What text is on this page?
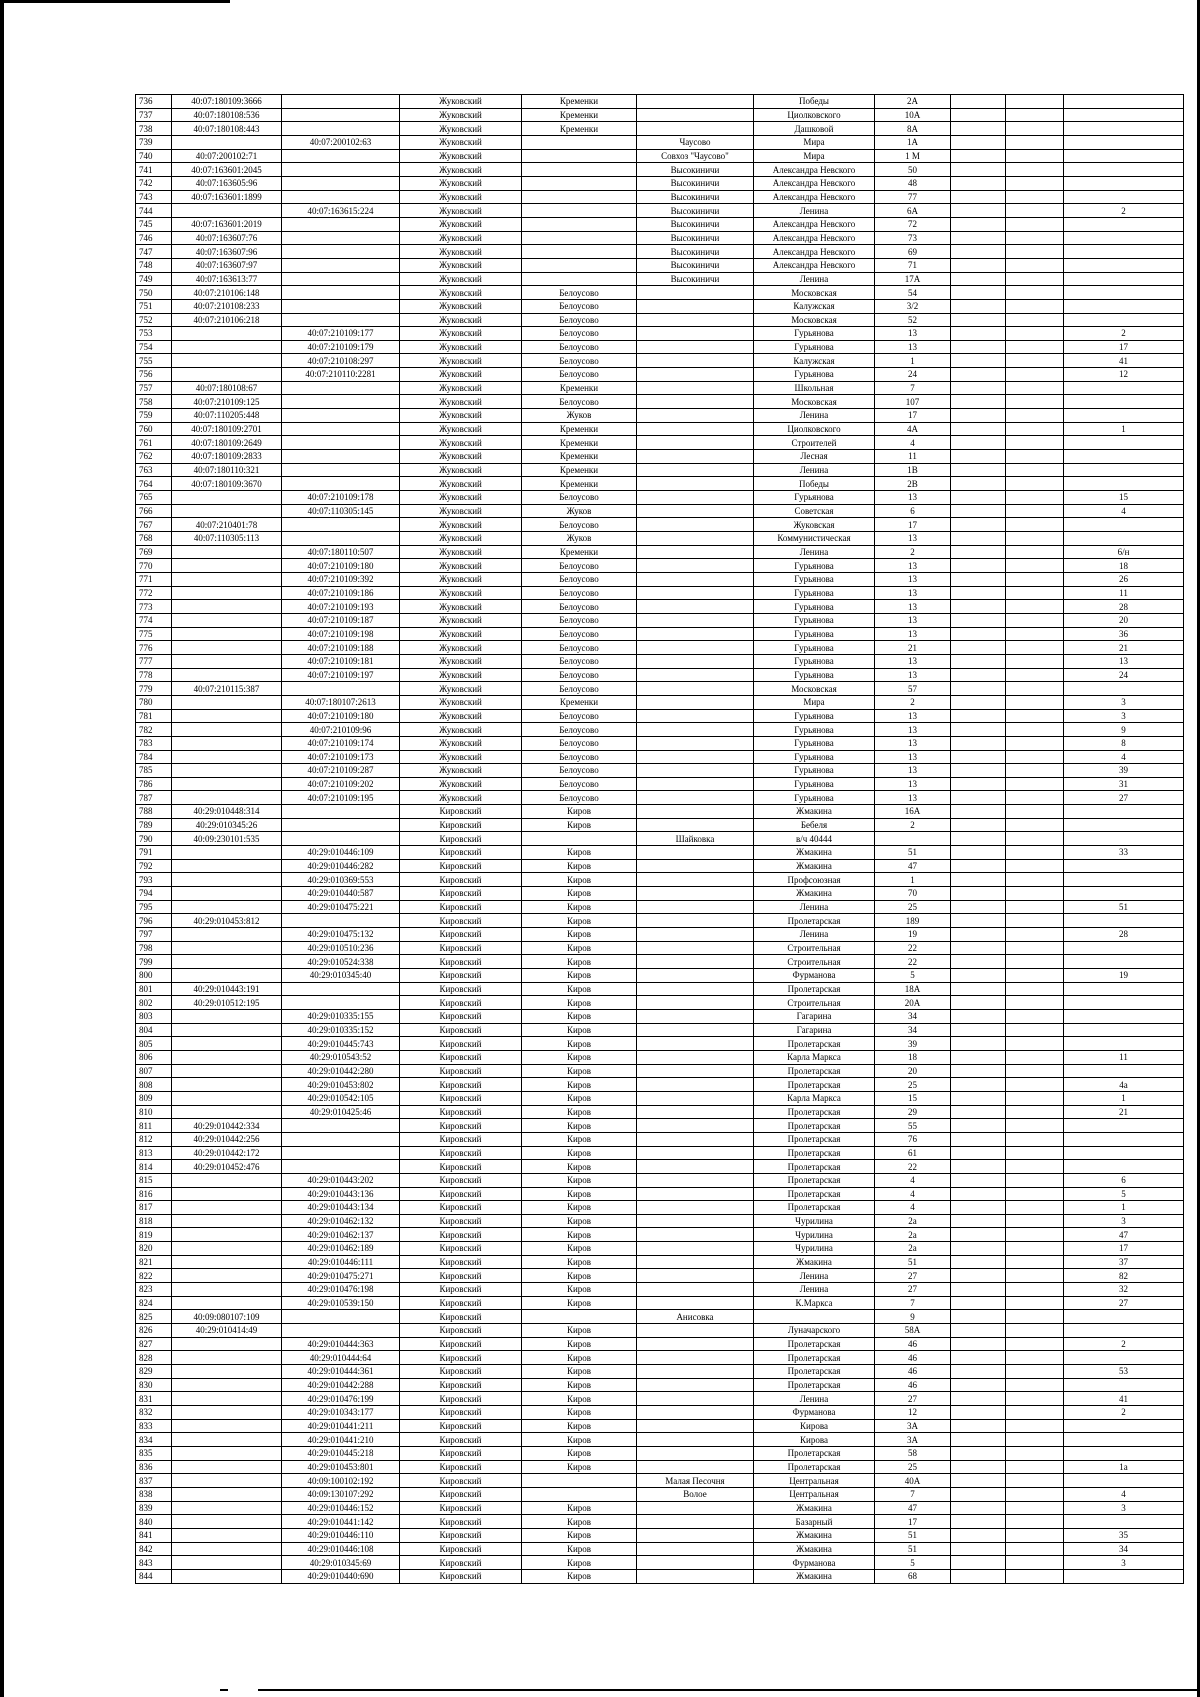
736	40:07:180109:3666		Жуковский	Кременки		Победы	2А			
737	40:07:180108:536		Жуковский	Кременки		Циолковского	10А			
738	40:07:180108:443		Жуковский	Кременки		Дашковой	8А			
739		40:07:200102:63	Жуковский		Чаусово	Мира	1А			
740	40:07:200102:71		Жуковский		Совхоз "Чаусово"	Мира	1 М			
741	40:07:163601:2045		Жуковский		Высокиничи	Александра Невского	50			
742	40:07:163605:96		Жуковский		Высокиничи	Александра Невского	48			
743	40:07:163601:1899		Жуковский		Высокиничи	Александра Невского	77			
744		40:07:163615:224	Жуковский		Высокиничи	Ленина	6А			2
745	40:07:163601:2019		Жуковский		Высокиничи	Александра Невского	72			
746	40:07:163607:76		Жуковский		Высокиничи	Александра Невского	73			
747	40:07:163607:96		Жуковский		Высокиничи	Александра Невского	69			
748	40:07:163607:97		Жуковский		Высокиничи	Александра Невского	71			
749	40:07:163613:77		Жуковский		Высокиничи	Ленина	17А			
750	40:07:210106:148		Жуковский	Белоусово		Московская	54			
751	40:07:210108:233		Жуковский	Белоусово		Калужская	3/2			
752	40:07:210106:218		Жуковский	Белоусово		Московская	52			
753		40:07:210109:177	Жуковский	Белоусово		Гурьянова	13			2
754		40:07:210109:179	Жуковский	Белоусово		Гурьянова	13			17
755		40:07:210108:297	Жуковский	Белоусово		Калужская	1			41
756		40:07:210110:2281	Жуковский	Белоусово		Гурьянова	24			12
757	40:07:180108:67		Жуковский	Кременки		Школьная	7			
758	40:07:210109:125		Жуковский	Белоусово		Московская	107			
759	40:07:110205:448		Жуковский	Жуков		Ленина	17			
760	40:07:180109:2701		Жуковский	Кременки		Циолковского	4А			1
761	40:07:180109:2649		Жуковский	Кременки		Строителей	4			
762	40:07:180109:2833		Жуковский	Кременки		Лесная	11			
763	40:07:180110:321		Жуковский	Кременки		Ленина	1В			
764	40:07:180109:3670		Жуковский	Кременки		Победы	2В			
765		40:07:210109:178	Жуковский	Белоусово		Гурьянова	13			15
766		40:07:110305:145	Жуковский	Жуков		Советская	6			4
767	40:07:210401:78		Жуковский	Белоусово		Жуковская	17			
768	40:07:110305:113		Жуковский	Жуков		Коммунистическая	13			
769		40:07:180110:507	Жуковский	Кременки		Ленина	2			6/н
770		40:07:210109:180	Жуковский	Белоусово		Гурьянова	13			18
771		40:07:210109:392	Жуковский	Белоусово		Гурьянова	13			26
772		40:07:210109:186	Жуковский	Белоусово		Гурьянова	13			11
773		40:07:210109:193	Жуковский	Белоусово		Гурьянова	13			28
774		40:07:210109:187	Жуковский	Белоусово		Гурьянова	13			20
775		40:07:210109:198	Жуковский	Белоусово		Гурьянова	13			36
776		40:07:210109:188	Жуковский	Белоусово		Гурьянова	21			21
777		40:07:210109:181	Жуковский	Белоусово		Гурьянова	13			13
778		40:07:210109:197	Жуковский	Белоусово		Гурьянова	13			24
779	40:07:210115:387		Жуковский	Белоусово		Московская	57			
780		40:07:180107:2613	Жуковский	Кременки		Мира	2			3
781		40:07:210109:180	Жуковский	Белоусово		Гурьянова	13			3
782		40:07:210109:96	Жуковский	Белоусово		Гурьянова	13			9
783		40:07:210109:174	Жуковский	Белоусово		Гурьянова	13			8
784		40:07:210109:173	Жуковский	Белоусово		Гурьянова	13			4
785		40:07:210109:287	Жуковский	Белоусово		Гурьянова	13			39
786		40:07:210109:202	Жуковский	Белоусово		Гурьянова	13			31
787		40:07:210109:195	Жуковский	Белоусово		Гурьянова	13			27
788	40:29:010448:314		Кировский	Киров		Жмакина	16А			
789	40:29:010345:26		Кировский	Киров		Бебеля	2			
790	40:09:230101:535		Кировский		Шайковка	в/ч 40444				
791		40:29:010446:109	Кировский	Киров		Жмакина	51			33
792		40:29:010446:282	Кировский	Киров		Жмакина	47			
793		40:29:010369:553	Кировский	Киров		Профсоюзная	1			
794		40:29:010440:587	Кировский	Киров		Жмакина	70			
795		40:29:010475:221	Кировский	Киров		Ленина	25			51
796	40:29:010453:812		Кировский	Киров		Пролетарская	189			
797		40:29:010475:132	Кировский	Киров		Ленина	19			28
798		40:29:010510:236	Кировский	Киров		Строительная	22			
799		40:29:010524:338	Кировский	Киров		Строительная	22			
800		40:29:010345:40	Кировский	Киров		Фурманова	5			19
801	40:29:010443:191		Кировский	Киров		Пролетарская	18А			
802	40:29:010512:195		Кировский	Киров		Строительная	20А			
803		40:29:010335:155	Кировский	Киров		Гагарина	34			
804		40:29:010335:152	Кировский	Киров		Гагарина	34			
805		40:29:010445:743	Кировский	Киров		Пролетарская	39			
806		40:29:010543:52	Кировский	Киров		Карла Маркса	18			11
807		40:29:010442:280	Кировский	Киров		Пролетарская	20			
808		40:29:010453:802	Кировский	Киров		Пролетарская	25			4а
809		40:29:010542:105	Кировский	Киров		Карла Маркса	15			1
810		40:29:010425:46	Кировский	Киров		Пролетарская	29			21
811	40:29:010442:334		Кировский	Киров		Пролетарская	55			
812	40:29:010442:256		Кировский	Киров		Пролетарская	76			
813	40:29:010442:172		Кировский	Киров		Пролетарская	61			
814	40:29:010452:476		Кировский	Киров		Пролетарская	22			
815		40:29:010443:202	Кировский	Киров		Пролетарская	4			6
816		40:29:010443:136	Кировский	Киров		Пролетарская	4			5
817		40:29:010443:134	Кировский	Киров		Пролетарская	4			1
818		40:29:010462:132	Кировский	Киров		Чурилина	2а			3
819		40:29:010462:137	Кировский	Киров		Чурилина	2а			47
820		40:29:010462:189	Кировский	Киров		Чурилина	2а			17
821		40:29:010446:111	Кировский	Киров		Жмакина	51			37
822		40:29:010475:271	Кировский	Киров		Ленина	27			82
823		40:29:010476:198	Кировский	Киров		Ленина	27			32
824		40:29:010539:150	Кировский	Киров		К.Маркса	7			27
825	40:09:080107:109		Кировский		Анисовка		9			
826	40:29:010414:49		Кировский	Киров		Луначарского	58А			
827		40:29:010444:363	Кировский	Киров		Пролетарская	46			2
828		40:29:010444:64	Кировский	Киров		Пролетарская	46			
829		40:29:010444:361	Кировский	Киров		Пролетарская	46			53
830		40:29:010442:288	Кировский	Киров		Пролетарская	46			
831		40:29:010476:199	Кировский	Киров		Ленина	27			41
832		40:29:010343:177	Кировский	Киров		Фурманова	12			2
833		40:29:010441:211	Кировский	Киров		Кирова	3А			
834		40:29:010441:210	Кировский	Киров		Кирова	3А			
835		40:29:010445:218	Кировский	Киров		Пролетарская	58			
836		40:29:010453:801	Кировский	Киров		Пролетарская	25			1а
837		40:09:100102:192	Кировский		Малая Песочня	Центральная	40А			
838		40:09:130107:292	Кировский		Волое	Центральная	7			4
839		40:29:010446:152	Кировский	Киров		Жмакина	47			3
840		40:29:010441:142	Кировский	Киров		Базарный	17			
841		40:29:010446:110	Кировский	Киров		Жмакина	51			35
842		40:29:010446:108	Кировский	Киров		Жмакина	51			34
843		40:29:010345:69	Кировский	Киров		Фурманова	5			3
844		40:29:010440:690	Кировский	Киров		Жмакина	68			
